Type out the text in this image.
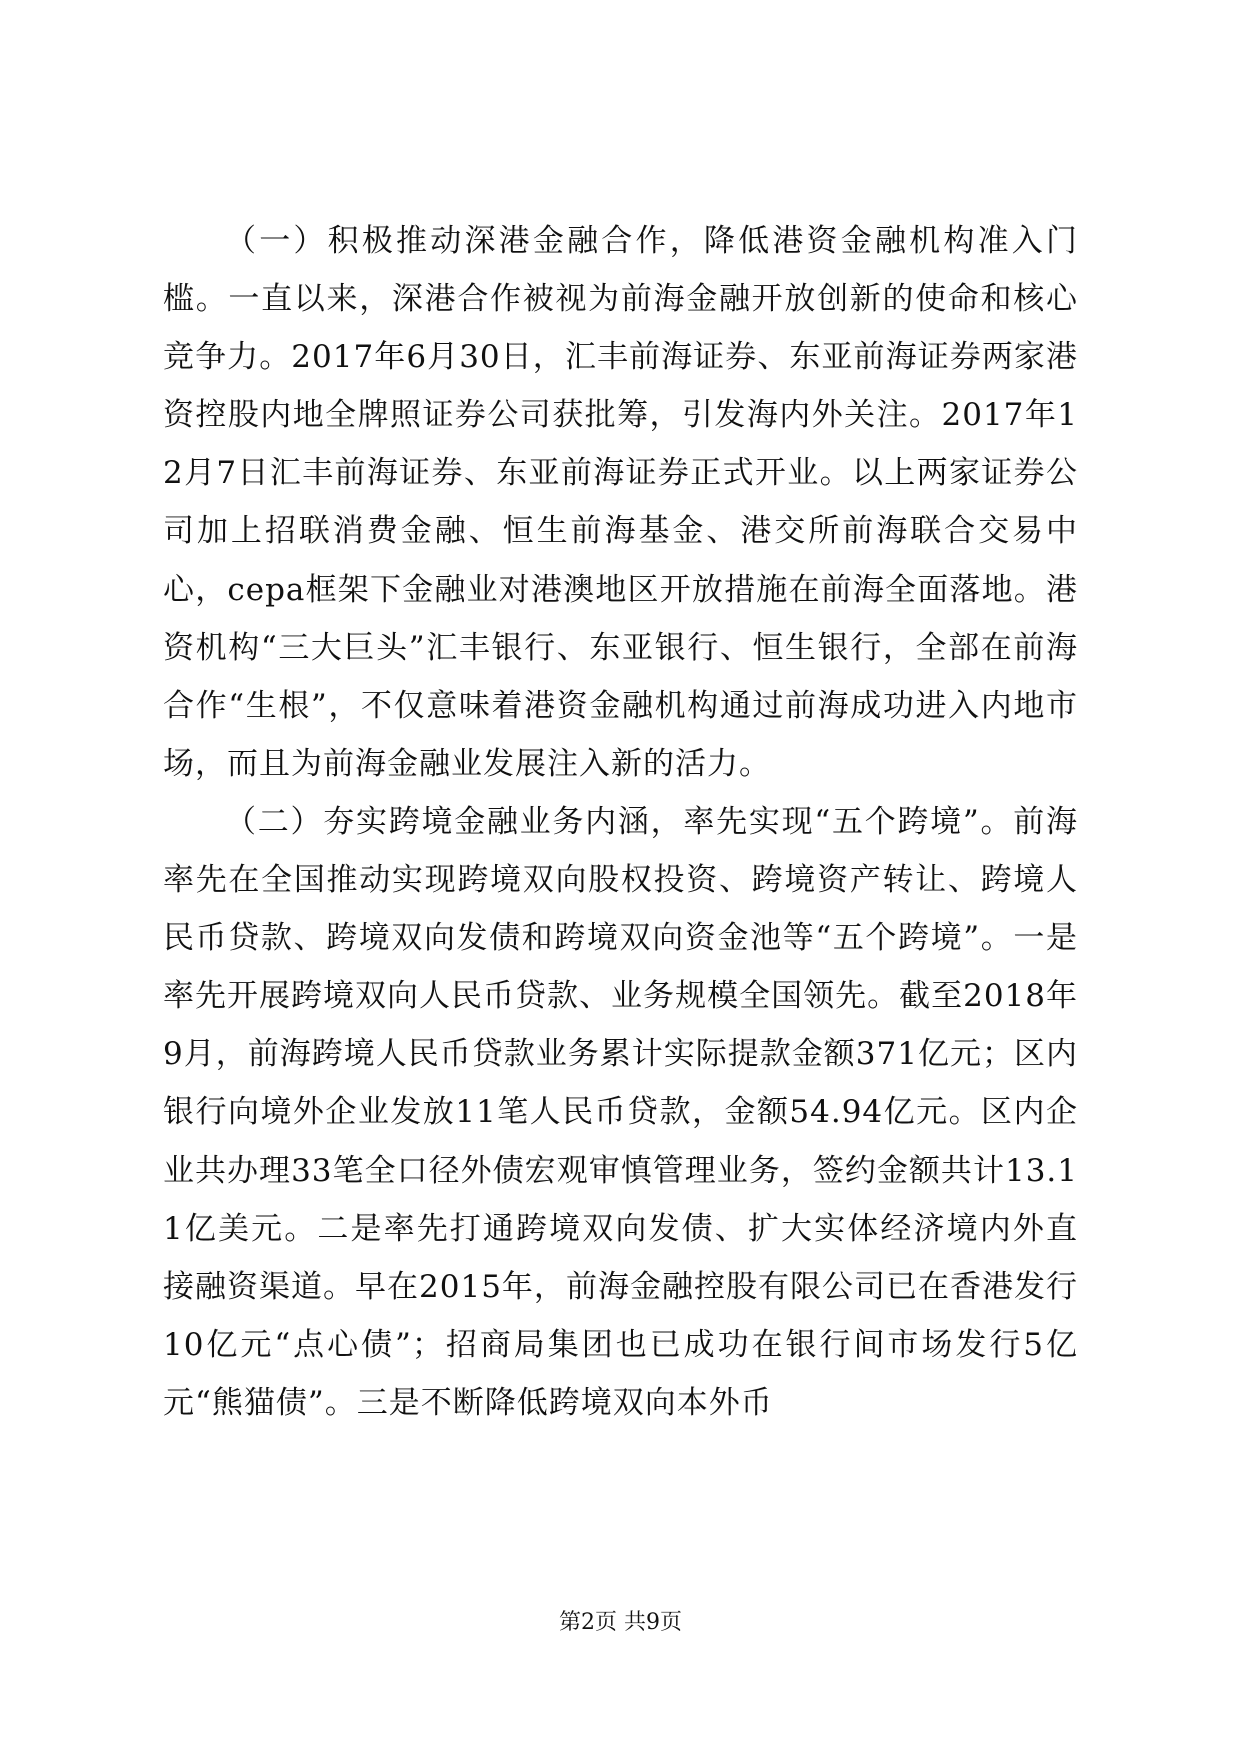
（一）积极推动深港金融合作，降低港资金融机构准入门槛。一直以来，深港合作被视为前海金融开放创新的使命和核心竞争力。2017年6月30日，汇丰前海证券、东亚前海证券两家港资控股内地全牌照证券公司获批筹，引发海内外关注。2017年12月7日汇丰前海证券、东亚前海证券正式开业。以上两家证券公司加上招联消费金融、恒生前海基金、港交所前海联合交易中心，cepa框架下金融业对港澳地区开放措施在前海全面落地。港资机构“三大巨头”汇丰银行、东亚银行、恒生银行，全部在前海合作“生根”，不仅意味着港资金融机构通过前海成功进入内地市场，而且为前海金融业发展注入新的活力。

（二）夯实跨境金融业务内涵，率先实现“五个跨境”。前海率先在全国推动实现跨境双向股权投资、跨境资产转让、跨境人民币贷款、跨境双向发债和跨境双向资金池等“五个跨境”。一是率先开展跨境双向人民币贷款、业务规模全国领先。截至2018年9月，前海跨境人民币贷款业务累计实际提款金额371亿元；区内银行向境外企业发放11笔人民币贷款，金额54.94亿元。区内企业共办理33笔全口径外债宏观审慎管理业务，签约金额共计13.11亿美元。二是率先打通跨境双向发债、扩大实体经济境内外直接融资渠道。早在2015年，前海金融控股有限公司已在香港发行10亿元“点心债”；招商局集团也已成功在银行间市场发行5亿元“熊猫债”。三是不断降低跨境双向本外币

第2页 共9页
